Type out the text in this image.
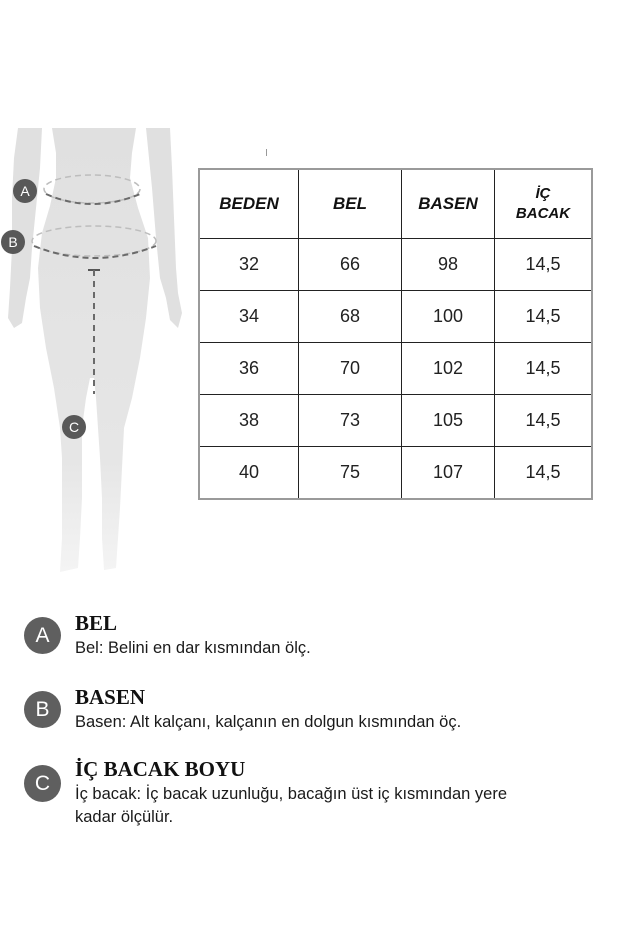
A
B
C
BEDEN	BEL	BASEN	İÇ
BACAK

32	66	98	14,5
34	68	100	14,5
36	70	102	14,5
38	73	105	14,5
40	75	107	14,5
A	BEL
Bel: Belini en dar kısmından ölç.
B	BASEN
Basen: Alt kalçanı, kalçanın en dolgun kısmından öç.
C
İÇ BACAK BOYU
İç bacak: İç bacak uzunluğu, bacağın üst iç kısmından yere kadar ölçülür.
